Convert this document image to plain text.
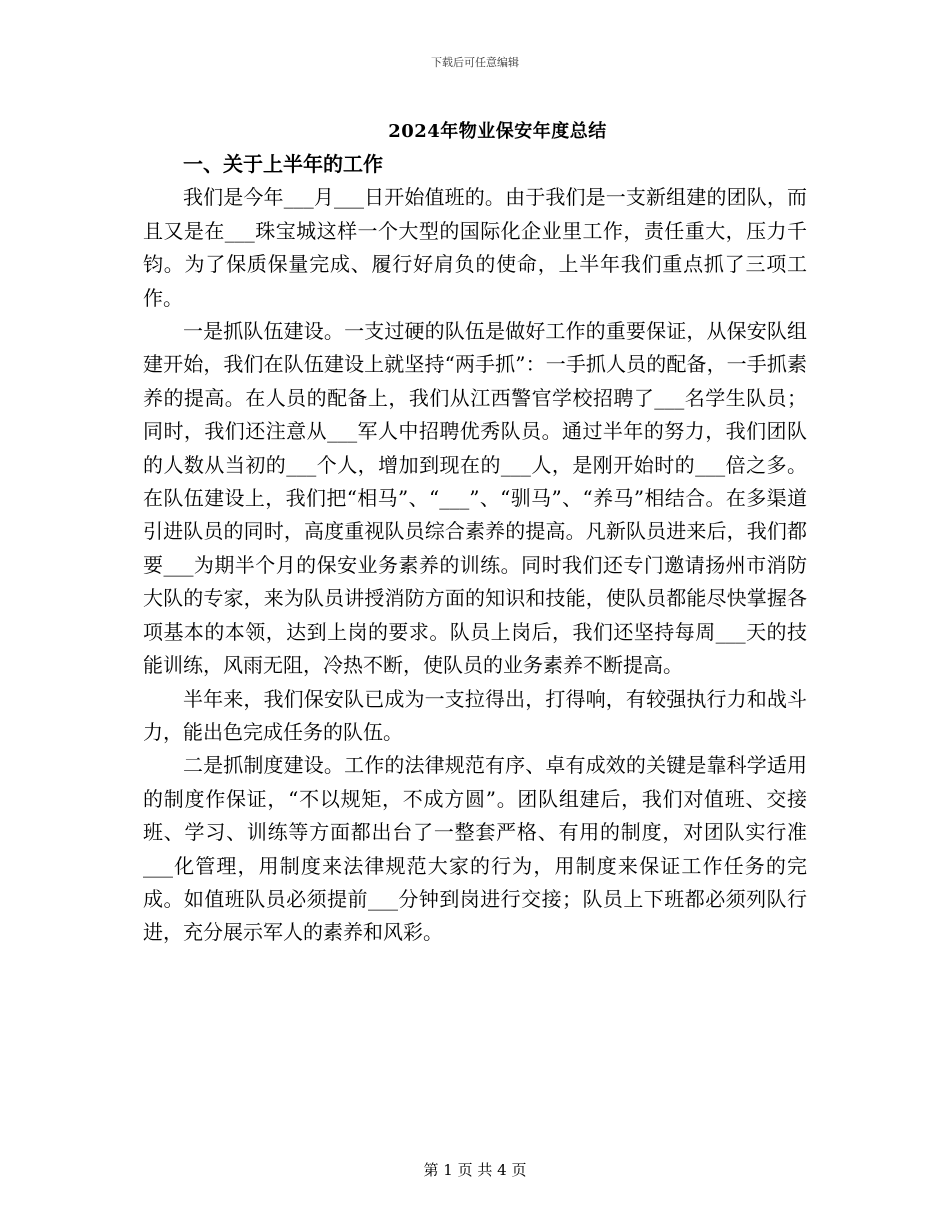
下载后可任意编辑
2024年物业保安年度总结
一、关于上半年的工作

我们是今年___月___日开始值班的。由于我们是一支新组建的团队，而且又是在___珠宝城这样一个大型的国际化企业里工作，责任重大，压力千钧。为了保质保量完成、履行好肩负的使命，上半年我们重点抓了三项工作。

一是抓队伍建设。一支过硬的队伍是做好工作的重要保证，从保安队组建开始，我们在队伍建设上就坚持“两手抓”：一手抓人员的配备，一手抓素养的提高。在人员的配备上，我们从江西警官学校招聘了___名学生队员；同时，我们还注意从___军人中招聘优秀队员。通过半年的努力，我们团队的人数从当初的___个人，增加到现在的___人，是刚开始时的___倍之多。在队伍建设上，我们把“相马”、“___”、“驯马”、“养马”相结合。在多渠道引进队员的同时，高度重视队员综合素养的提高。凡新队员进来后，我们都要___为期半个月的保安业务素养的训练。同时我们还专门邀请扬州市消防大队的专家，来为队员讲授消防方面的知识和技能，使队员都能尽快掌握各项基本的本领，达到上岗的要求。队员上岗后，我们还坚持每周___天的技能训练，风雨无阻，冷热不断，使队员的业务素养不断提高。

半年来，我们保安队已成为一支拉得出，打得响，有较强执行力和战斗力，能出色完成任务的队伍。

二是抓制度建设。工作的法律规范有序、卓有成效的关键是靠科学适用的制度作保证，“不以规矩，不成方圆”。团队组建后，我们对值班、交接班、学习、训练等方面都出台了一整套严格、有用的制度，对团队实行准___化管理，用制度来法律规范大家的行为，用制度来保证工作任务的完成。如值班队员必须提前___分钟到岗进行交接；队员上下班都必须列队行进，充分展示军人的素养和风彩。

第 1 页 共 4 页
